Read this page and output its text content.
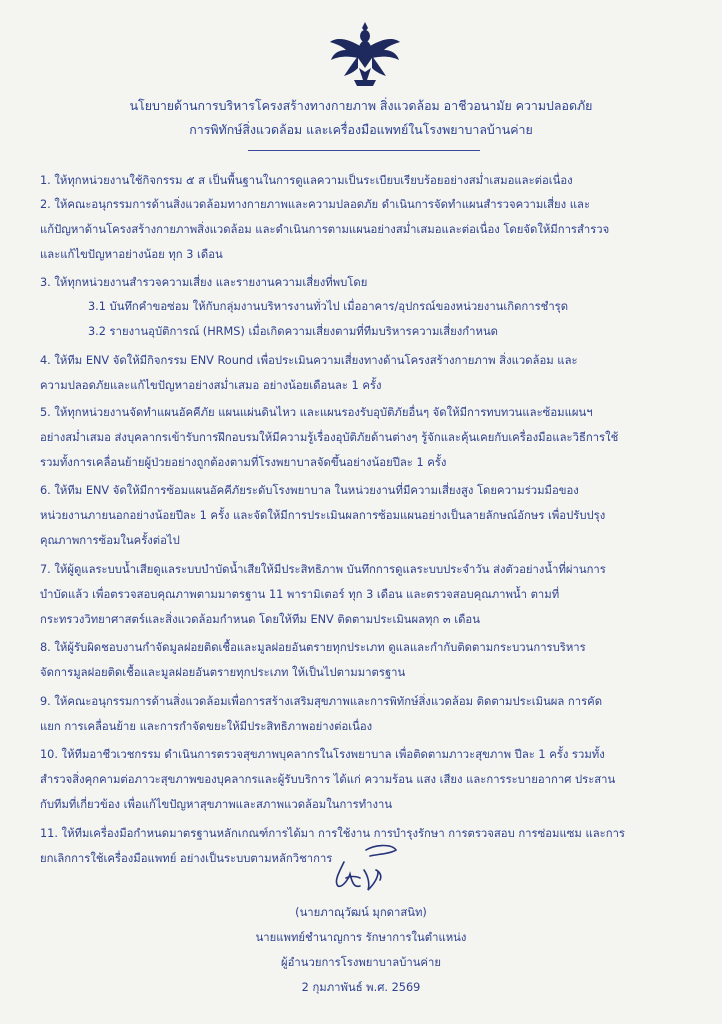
นโยบายด้านการบริหารโครงสร้างทางกายภาพ สิ่งแวดล้อม อาชีวอนามัย ความปลอดภัย
การพิทักษ์สิ่งแวดล้อม และเครื่องมือแพทย์ในโรงพยาบาลบ้านค่าย
1. ให้ทุกหน่วยงานใช้กิจกรรม ๕ ส เป็นพื้นฐานในการดูแลความเป็นระเบียบเรียบร้อยอย่างสม่ำเสมอและต่อเนื่อง
2. ให้คณะอนุกรรมการด้านสิ่งแวดล้อมทางกายภาพและความปลอดภัย ดำเนินการจัดทำแผนสำรวจความเสี่ยง และ
แก้ปัญหาด้านโครงสร้างกายภาพสิ่งแวดล้อม และดำเนินการตามแผนอย่างสม่ำเสมอและต่อเนื่อง โดยจัดให้มีการสำรวจ
และแก้ไขปัญหาอย่างน้อย ทุก 3 เดือน
3. ให้ทุกหน่วยงานสำรวจความเสี่ยง และรายงานความเสี่ยงที่พบโดย
3.1 บันทึกคำขอซ่อม ให้กับกลุ่มงานบริหารงานทั่วไป เมื่ออาคาร/อุปกรณ์ของหน่วยงานเกิดการชำรุด
3.2 รายงานอุบัติการณ์ (HRMS) เมื่อเกิดความเสี่ยงตามที่ทีมบริหารความเสี่ยงกำหนด
4. ให้ทีม ENV จัดให้มีกิจกรรม ENV Round เพื่อประเมินความเสี่ยงทางด้านโครงสร้างกายภาพ สิ่งแวดล้อม และ
ความปลอดภัยและแก้ไขปัญหาอย่างสม่ำเสมอ อย่างน้อยเดือนละ 1 ครั้ง
5. ให้ทุกหน่วยงานจัดทำแผนอัคคีภัย แผนแผ่นดินไหว และแผนรองรับอุบัติภัยอื่นๆ จัดให้มีการทบทวนและซ้อมแผนฯ
อย่างสม่ำเสมอ ส่งบุคลากรเข้ารับการฝึกอบรมให้มีความรู้เรื่องอุบัติภัยด้านต่างๆ รู้จักและคุ้นเคยกับเครื่องมือและวิธีการใช้
รวมทั้งการเคลื่อนย้ายผู้ป่วยอย่างถูกต้องตามที่โรงพยาบาลจัดขึ้นอย่างน้อยปีละ 1 ครั้ง
6. ให้ทีม ENV จัดให้มีการซ้อมแผนอัคคีภัยระดับโรงพยาบาล ในหน่วยงานที่มีความเสี่ยงสูง โดยความร่วมมือของ
หน่วยงานภายนอกอย่างน้อยปีละ 1 ครั้ง และจัดให้มีการประเมินผลการซ้อมแผนอย่างเป็นลายลักษณ์อักษร เพื่อปรับปรุง
คุณภาพการซ้อมในครั้งต่อไป
7. ให้ผู้ดูแลระบบน้ำเสียดูแลระบบบำบัดน้ำเสียให้มีประสิทธิภาพ บันทึกการดูแลระบบประจำวัน ส่งตัวอย่างน้ำที่ผ่านการ
บำบัดแล้ว เพื่อตรวจสอบคุณภาพตามมาตรฐาน 11 พารามิเตอร์ ทุก 3 เดือน และตรวจสอบคุณภาพน้ำ ตามที่
กระทรวงวิทยาศาสตร์และสิ่งแวดล้อมกำหนด โดยให้ทีม ENV ติดตามประเมินผลทุก ๓ เดือน
8. ให้ผู้รับผิดชอบงานกำจัดมูลฝอยติดเชื้อและมูลฝอยอันตรายทุกประเภท ดูแลและกำกับติดตามกระบวนการบริหาร
จัดการมูลฝอยติดเชื้อและมูลฝอยอันตรายทุกประเภท ให้เป็นไปตามมาตรฐาน
9. ให้คณะอนุกรรมการด้านสิ่งแวดล้อมเพื่อการสร้างเสริมสุขภาพและการพิทักษ์สิ่งแวดล้อม ติดตามประเมินผล การคัด
แยก การเคลื่อนย้าย และการกำจัดขยะให้มีประสิทธิภาพอย่างต่อเนื่อง
10. ให้ทีมอาชีวเวชกรรม ดำเนินการตรวจสุขภาพบุคลากรในโรงพยาบาล เพื่อติดตามภาวะสุขภาพ ปีละ 1 ครั้ง รวมทั้ง
สำรวจสิ่งคุกคามต่อภาวะสุขภาพของบุคลากรและผู้รับบริการ ได้แก่ ความร้อน แสง เสียง และการระบายอากาศ ประสาน
กับทีมที่เกี่ยวข้อง เพื่อแก้ไขปัญหาสุขภาพและสภาพแวดล้อมในการทำงาน
11. ให้ทีมเครื่องมือกำหนดมาตรฐานหลักเกณฑ์การได้มา การใช้งาน การบำรุงรักษา การตรวจสอบ การซ่อมแซม และการ
ยกเลิกการใช้เครื่องมือแพทย์ อย่างเป็นระบบตามหลักวิชาการ
(นายภาณุวัฒน์ มุกดาสนิท)
นายแพทย์ชำนาญการ รักษาการในตำแหน่ง
ผู้อำนวยการโรงพยาบาลบ้านค่าย
2 กุมภาพันธ์ พ.ศ. 2569
